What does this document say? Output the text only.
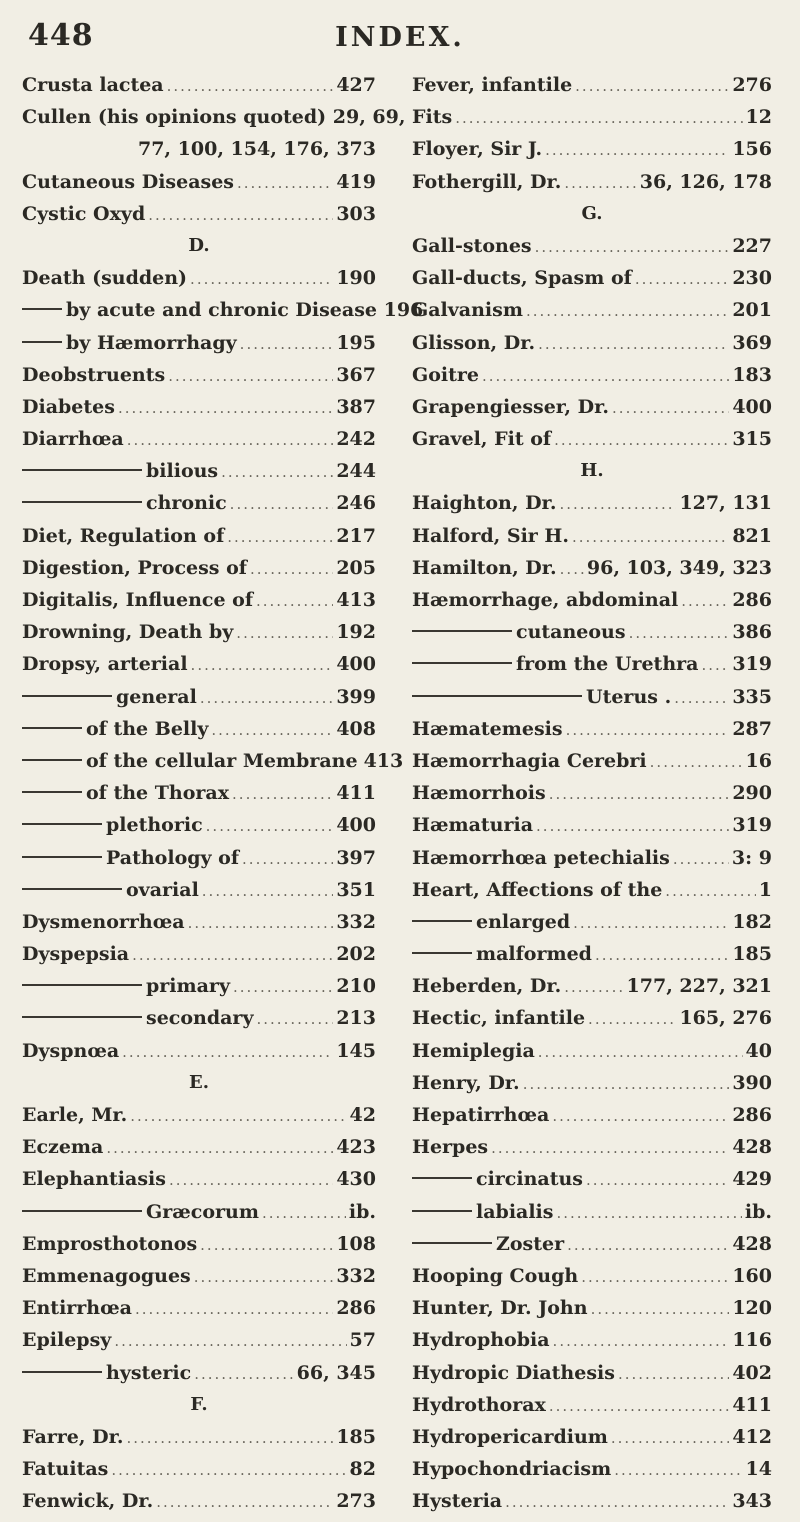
448	INDEX.
Crusta lactea .....	427
Cullen (his opinions quoted) 29, 69,
77, 100, 154, 176, 373
Cutaneous Diseases .....	419
Cystic Oxyd .....	303
D.
Death (sudden) .....	190
by acute and chronic Disease 196
by Hæmorrhagy .....	195
Deobstruents .....	367
Diabetes .....	387
Diarrhœa .....	242
bilious .....	244
chronic .....	246
Diet, Regulation of .....	217
Digestion, Process of .....	205
Digitalis, Influence of .....	413
Drowning, Death by .....	192
Dropsy, arterial .....	400
general .....	399
of the Belly .....	408
of the cellular Membrane 413
of the Thorax .....	411
plethoric .....	400
Pathology of .....	397
ovarial .....	351
Dysmenorrhœa .....	332
Dyspepsia .....	202
primary .....	210
secondary .....	213
Dyspnœa .....	145
E.
Earle, Mr. .....	42
Eczema .....	423
Elephantiasis .....	430
Græcorum .....	ib.
Emprosthotonos .....	108
Emmenagogues .....	332
Entirrhœa .....	286
Epilepsy .....	57
hysteric .....	66, 345
F.
Farre, Dr. .....	185
Fatuitas .....	82
Fenwick, Dr. .....	273
Fever, infantile .....	276
Fits .....	12
Floyer, Sir J. .....	156
Fothergill, Dr. .....	36, 126, 178
G.
Gall-stones .....	227
Gall-ducts, Spasm of .....	230
Galvanism .....	201
Glisson, Dr. .....	369
Goitre .....	183
Grapengiesser, Dr. .....	400
Gravel, Fit of .....	315
H.
Haighton, Dr. .....	127, 131
Halford, Sir H. .....	821
Hamilton, Dr. ..... 96, 103, 349, 323
Hæmorrhage, abdominal .....	286
cutaneous .....	386
from the Urethra ..... 319
Uterus . .....	335
Hæmatemesis .....	287
Hæmorrhagia Cerebri .....	16
Hæmorrhois .....	290
Hæmaturia .....	319
Hæmorrhœa petechialis .....	3: 9
Heart, Affections of the .....	1
enlarged .....	182
malformed .....	185
Heberden, Dr. .....	177, 227, 321
Hectic, infantile .....	165, 276
Hemiplegia .....	40
Henry, Dr. .....	390
Hepatirrhœa .....	286
Herpes .....	428
circinatus .....	429
labialis .....	ib.
Zoster .....	428
Hooping Cough .....	160
Hunter, Dr. John .....	120
Hydrophobia .....	116
Hydropic Diathesis .....	402
Hydrothorax .....	411
Hydropericardium .....	412
Hypochondriacism .....	14
Hysteria .....	343
